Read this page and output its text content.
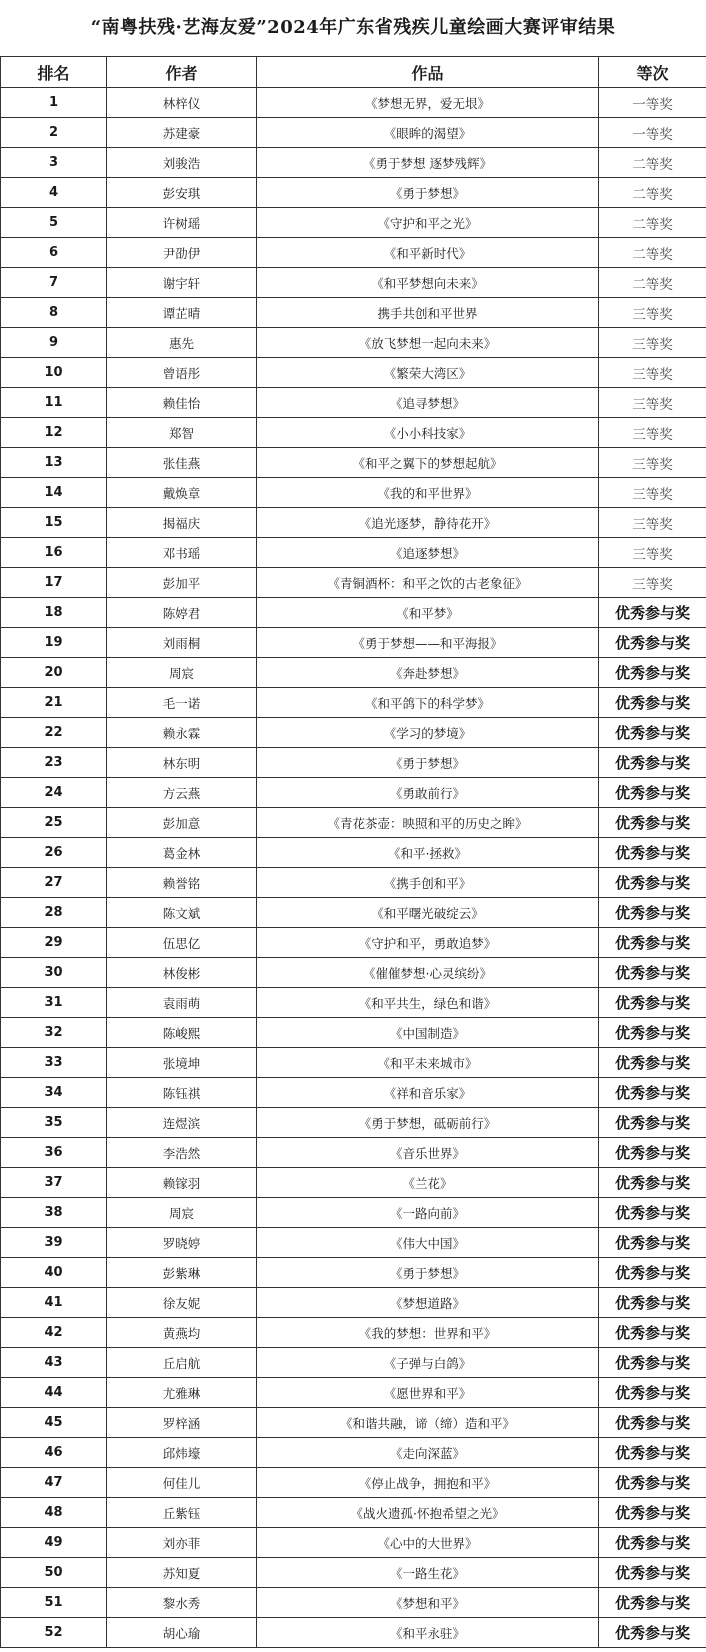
“南粤扶残·艺海友爱”2024年广东省残疾儿童绘画大赛评审结果
排名	作者	作品	等次
1	林梓仪	《梦想无界，爱无垠》	一等奖
2	苏建豪	《眼眸的渴望》	一等奖
3	刘骏浩	《勇于梦想 逐梦残辉》	二等奖
4	彭安琪	《勇于梦想》	二等奖
5	许树瑶	《守护和平之光》	二等奖
6	尹劭伊	《和平新时代》	二等奖
7	谢宇轩	《和平梦想向未来》	二等奖
8	谭芷晴	携手共创和平世界	三等奖
9	惠先	《放飞梦想一起向未来》	三等奖
10	曾语彤	《繁荣大湾区》	三等奖
11	赖佳怡	《追寻梦想》	三等奖
12	郑智	《小小科技家》	三等奖
13	张佳燕	《和平之翼下的梦想起航》	三等奖
14	戴焕章	《我的和平世界》	三等奖
15	揭福庆	《追光逐梦，静待花开》	三等奖
16	邓书瑶	《追逐梦想》	三等奖
17	彭加平	《青铜酒杯：和平之饮的古老象征》	三等奖
18	陈婷君	《和平梦》	优秀参与奖
19	刘雨桐	《勇于梦想——和平海报》	优秀参与奖
20	周宸	《奔赴梦想》	优秀参与奖
21	毛一诺	《和平鸽下的科学梦》	优秀参与奖
22	赖永霖	《学习的梦境》	优秀参与奖
23	林东明	《勇于梦想》	优秀参与奖
24	方云燕	《勇敢前行》	优秀参与奖
25	彭加意	《青花茶壶：映照和平的历史之眸》	优秀参与奖
26	葛金林	《和平·拯救》	优秀参与奖
27	赖誉铭	《携手创和平》	优秀参与奖
28	陈文斌	《和平曙光破绽云》	优秀参与奖
29	伍思亿	《守护和平，勇敢追梦》	优秀参与奖
30	林俊彬	《催催梦想·心灵缤纷》	优秀参与奖
31	袁雨萌	《和平共生，绿色和谐》	优秀参与奖
32	陈峻熙	《中国制造》	优秀参与奖
33	张境坤	《和平未来城市》	优秀参与奖
34	陈钰祺	《祥和音乐家》	优秀参与奖
35	连煜滨	《勇于梦想，砥砺前行》	优秀参与奖
36	李浩然	《音乐世界》	优秀参与奖
37	赖镓羽	《兰花》	优秀参与奖
38	周宸	《一路向前》	优秀参与奖
39	罗晓婷	《伟大中国》	优秀参与奖
40	彭紫琳	《勇于梦想》	优秀参与奖
41	徐友妮	《梦想道路》	优秀参与奖
42	黄燕均	《我的梦想：世界和平》	优秀参与奖
43	丘启航	《子弹与白鸽》	优秀参与奖
44	尤雅琳	《愿世界和平》	优秀参与奖
45	罗梓涵	《和谐共融，谛（缔）造和平》	优秀参与奖
46	邱炜壕	《走向深蓝》	优秀参与奖
47	何佳儿	《停止战争，拥抱和平》	优秀参与奖
48	丘紫钰	《战火遗孤·怀抱希望之光》	优秀参与奖
49	刘亦菲	《心中的大世界》	优秀参与奖
50	苏知夏	《一路生花》	优秀参与奖
51	黎水秀	《梦想和平》	优秀参与奖
52	胡心瑜	《和平永驻》	优秀参与奖
